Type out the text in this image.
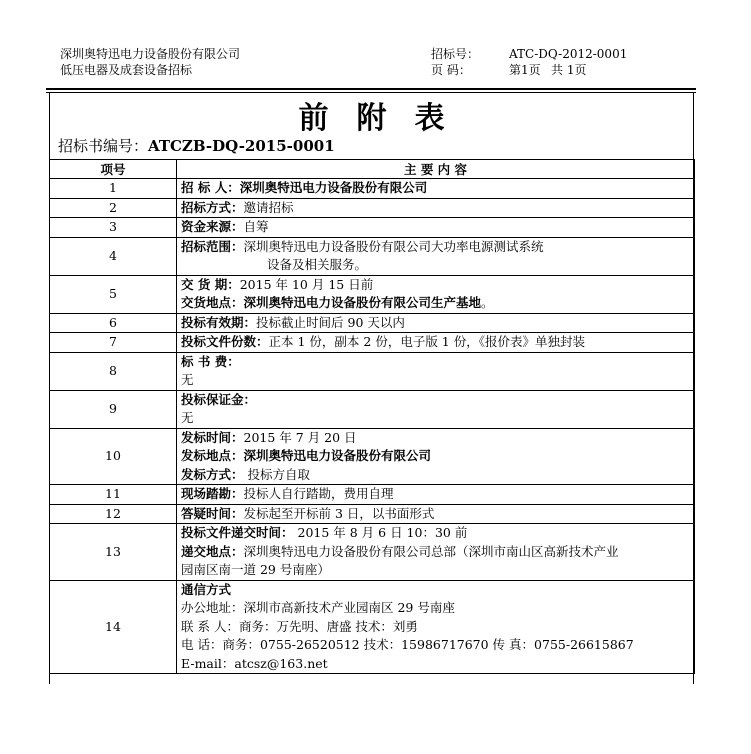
深圳奥特迅电力设备股份有限公司
低压电器及成套设备招标
招标号： ATC-DQ-2012-0001
页 码：	第1页 共 1页
前附表
招标书编号：ATCZB-DQ-2015-0001
项号	主 要 内 容
1	招 标 人：深圳奥特迅电力设备股份有限公司

2	招标方式：邀请招标

3	资金来源：自筹

4	招标范围：深圳奥特迅电力设备股份有限公司大功率电源测试系统
设备及相关服务。

5	交 货 期：2015 年 10 月 15 日前
交货地点：深圳奥特迅电力设备股份有限公司生产基地。

6	投标有效期：投标截止时间后 90 天以内

7	投标文件份数：正本 1 份，副本 2 份，电子版 1 份，《报价表》单独封装

8	标 书 费：
无

9	投标保证金：
无

10	发标时间：2015 年 7 月 20 日
发标地点：深圳奥特迅电力设备股份有限公司
发标方式： 投标方自取

11	现场踏勘：投标人自行踏勘，费用自理

12	答疑时间：发标起至开标前 3 日，以书面形式

13	投标文件递交时间： 2015 年 8 月 6 日 10：30 前
递交地点：深圳奥特迅电力设备股份有限公司总部（深圳市南山区高新技术产业
园南区南一道 29 号南座）

14	通信方式
办公地址：深圳市高新技术产业园南区 29 号南座
联 系 人：商务：万先明、唐盛 技术：刘勇
电 话：商务：0755-26520512 技术：15986717670 传 真：0755-26615867
E-mail：atcsz@163.net
